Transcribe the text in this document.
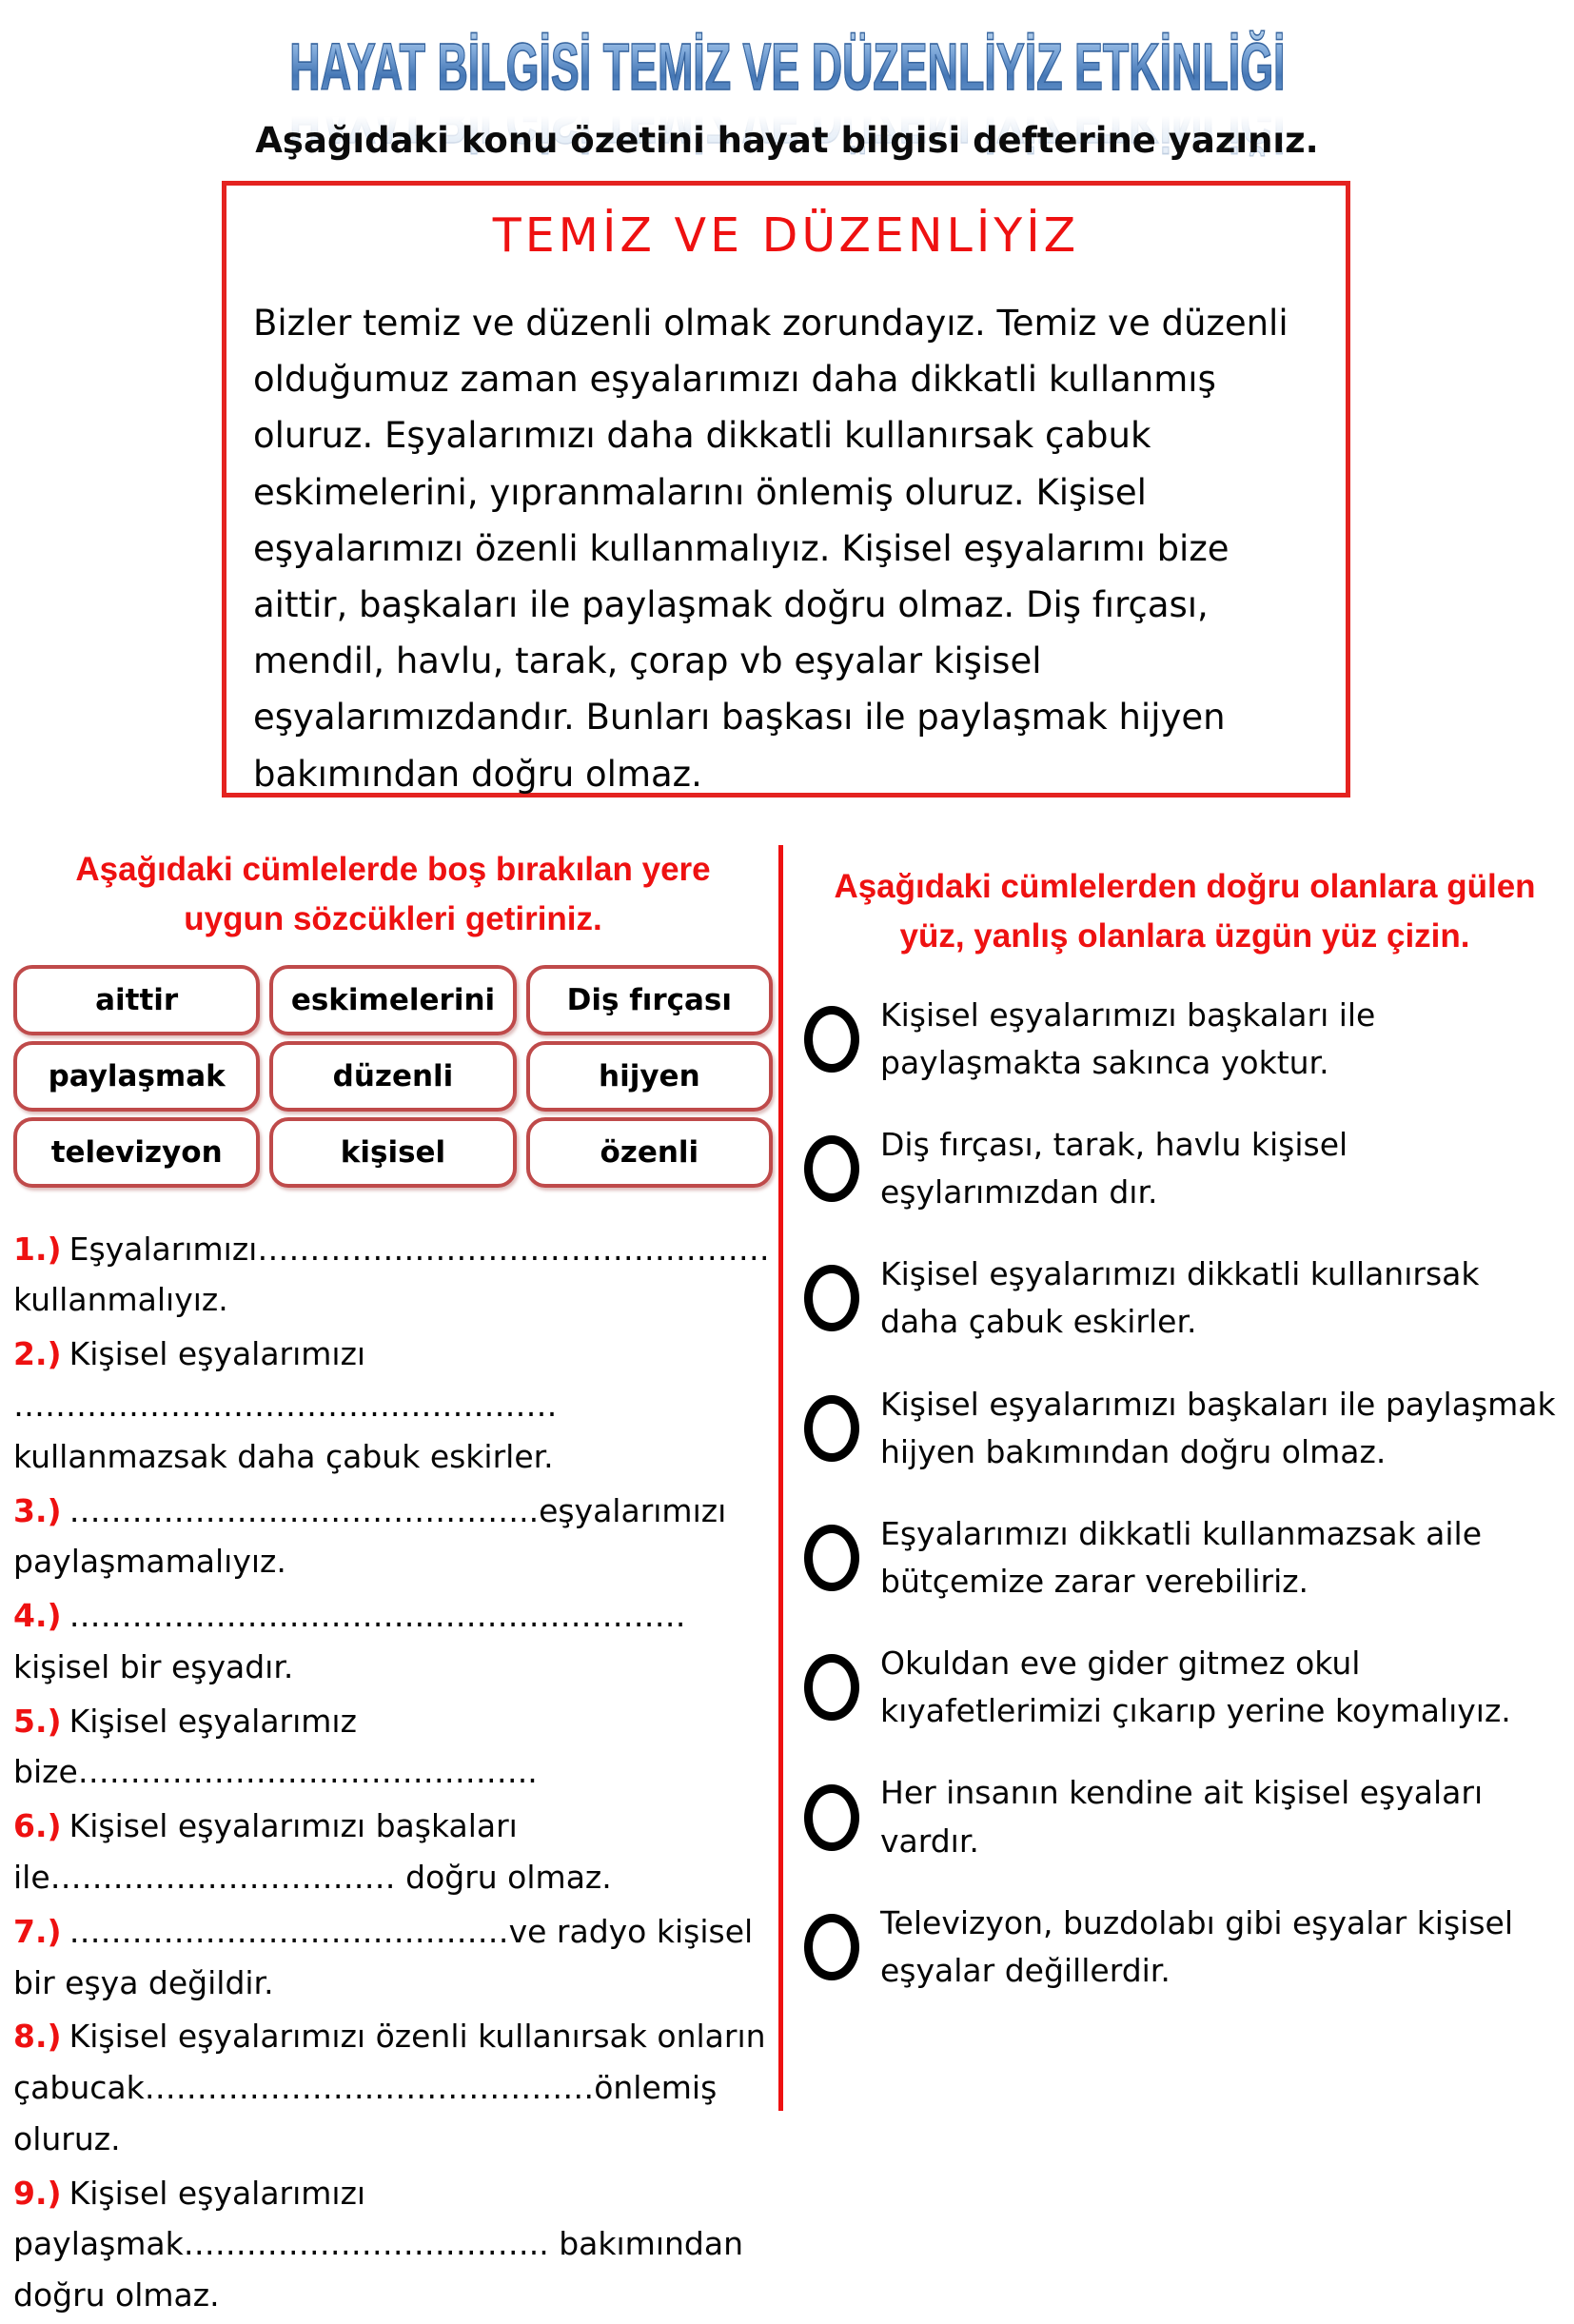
HAYAT BİLGİSİ TEMİZ VE DÜZENLİYİZ ETKİNLİĞİ
Aşağıdaki konu özetini hayat bilgisi defterine yazınız.
TEMİZ VE DÜZENLİYİZ
Bizler temiz ve düzenli olmak zorundayız. Temiz ve düzenli olduğumuz zaman eşyalarımızı daha dikkatli kullanmış oluruz. Eşyalarımızı daha dikkatli kullanırsak çabuk eskimelerini, yıpranmalarını önlemiş oluruz. Kişisel eşyalarımızı özenli kullanmalıyız. Kişisel eşyalarımı bize aittir, başkaları ile paylaşmak doğru olmaz. Diş fırçası, mendil, havlu, tarak, çorap vb eşyalar kişisel eşyalarımızdandır. Bunları başkası ile paylaşmak hijyen bakımından doğru olmaz.
Aşağıdaki cümlelerde boş bırakılan yere uygun sözcükleri getiriniz.
aittir	eskimelerini	Diş fırçası
paylaşmak	düzenli	hijyen
televizyon	kişisel	özenli
1.) Eşyalarımızı……………………….…………………kullanmalıyız.
2.) Kişisel eşyalarımızı ……………………………….…………… kullanmazsak daha çabuk eskirler.
3.) …………………….………………..eşyalarımızı paylaşmamalıyız.
4.) ……………………………..……………………kişisel bir eşyadır.
5.) Kişisel eşyalarımız bize……………………………………..
6.) Kişisel eşyalarımızı başkaları ile…………………………… doğru olmaz.
7.) ……………………………………ve radyo kişisel bir eşya değildir.
8.) Kişisel eşyalarımızı özenli kullanırsak onların çabucak………………….…………………önlemiş oluruz.
9.) Kişisel eşyalarımızı paylaşmak…………………………….. bakımından doğru olmaz.
Aşağıdaki cümlelerden doğru olanlara gülen yüz, yanlış olanlara üzgün yüz çizin.
Kişisel eşyalarımızı başkaları ile paylaşmakta sakınca yoktur.
Diş fırçası, tarak, havlu kişisel eşylarımızdan dır.
Kişisel eşyalarımızı dikkatli kullanırsak daha çabuk eskirler.
Kişisel eşyalarımızı başkaları ile paylaşmak hijyen bakımından doğru olmaz.
Eşyalarımızı dikkatli kullanmazsak aile bütçemize zarar verebiliriz.
Okuldan eve gider gitmez okul kıyafetlerimizi çıkarıp yerine koymalıyız.
Her insanın kendine ait kişisel eşyaları vardır.
Televizyon, buzdolabı gibi eşyalar kişisel eşyalar değillerdir.
